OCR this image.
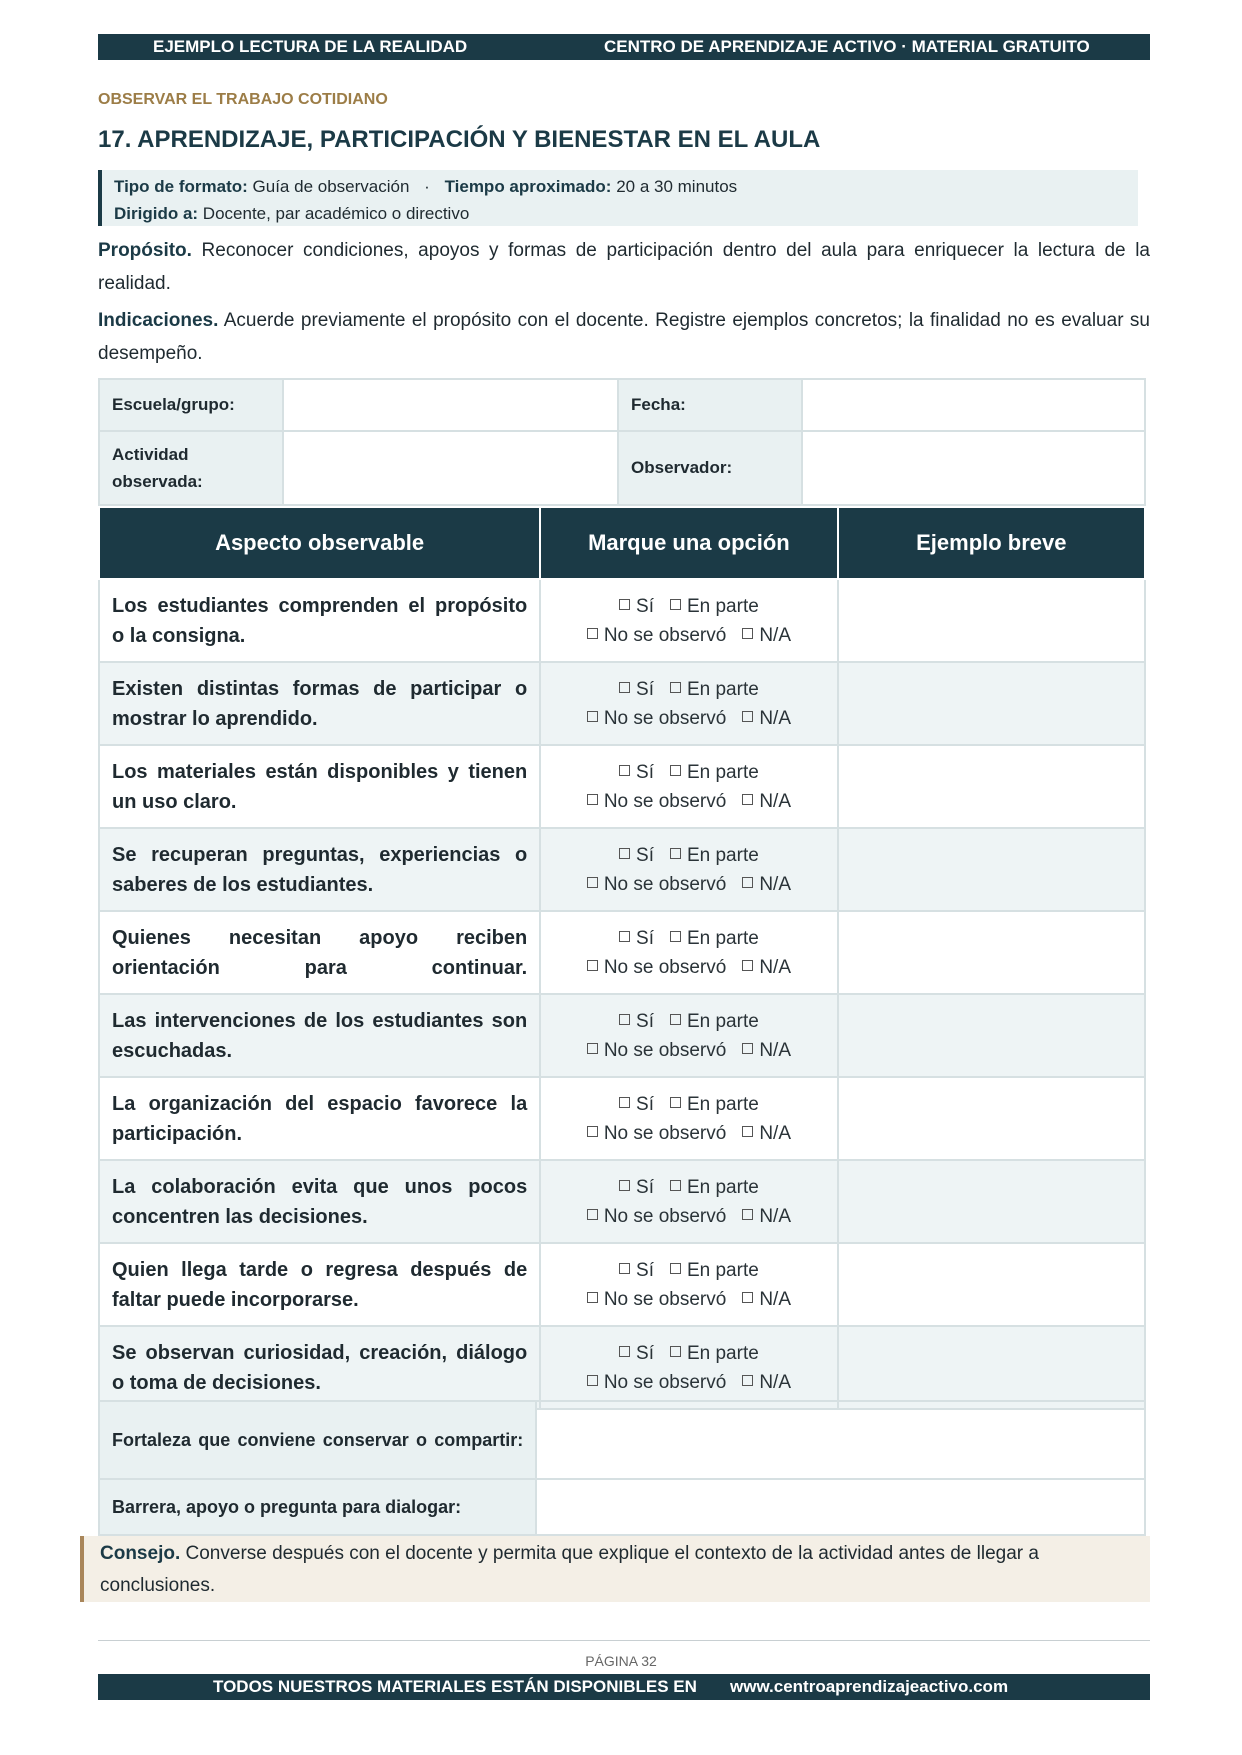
EJEMPLO LECTURA DE LA REALIDAD	CENTRO DE APRENDIZAJE ACTIVO · MATERIAL GRATUITO
OBSERVAR EL TRABAJO COTIDIANO
17. APRENDIZAJE, PARTICIPACIÓN Y BIENESTAR EN EL AULA
Tipo de formato: Guía de observación · Tiempo aproximado: 20 a 30 minutos
Dirigido a: Docente, par académico o directivo
Propósito. Reconocer condiciones, apoyos y formas de participación dentro del aula para enriquecer la lectura de la realidad.
Indicaciones. Acuerde previamente el propósito con el docente. Registre ejemplos concretos; la finalidad no es evaluar su desempeño.
Escuela/grupo:		Fecha:	
Actividad observada:		Observador:	
Aspecto observable	Marque una opción	Ejemplo breve

Los estudiantes comprenden el propósito o la consigna.	Sí En parte
No se observó N/A	

Existen distintas formas de participar o mostrar lo aprendido.	Sí En parte
No se observó N/A	

Los materiales están disponibles y tienen un uso claro.	Sí En parte
No se observó N/A	

Se recuperan preguntas, experiencias o saberes de los estudiantes.	Sí En parte
No se observó N/A	

Quienes necesitan apoyo reciben orientación para continuar.	Sí En parte
No se observó N/A	

Las intervenciones de los estudiantes son escuchadas.	Sí En parte
No se observó N/A	

La organización del espacio favorece la participación.	Sí En parte
No se observó N/A	

La colaboración evita que unos pocos concentren las decisiones.	Sí En parte
No se observó N/A	

Quien llega tarde o regresa después de faltar puede incorporarse.	Sí En parte
No se observó N/A	

Se observan curiosidad, creación, diálogo o toma de decisiones.	Sí En parte
No se observó N/A	

Fortaleza que conviene conservar o compartir:	

Barrera, apoyo o pregunta para dialogar:	
Consejo. Converse después con el docente y permita que explique el contexto de la actividad antes de llegar a conclusiones.
PÁGINA 32
TODOS NUESTROS MATERIALES ESTÁN DISPONIBLES EN www.centroaprendizajeactivo.com
